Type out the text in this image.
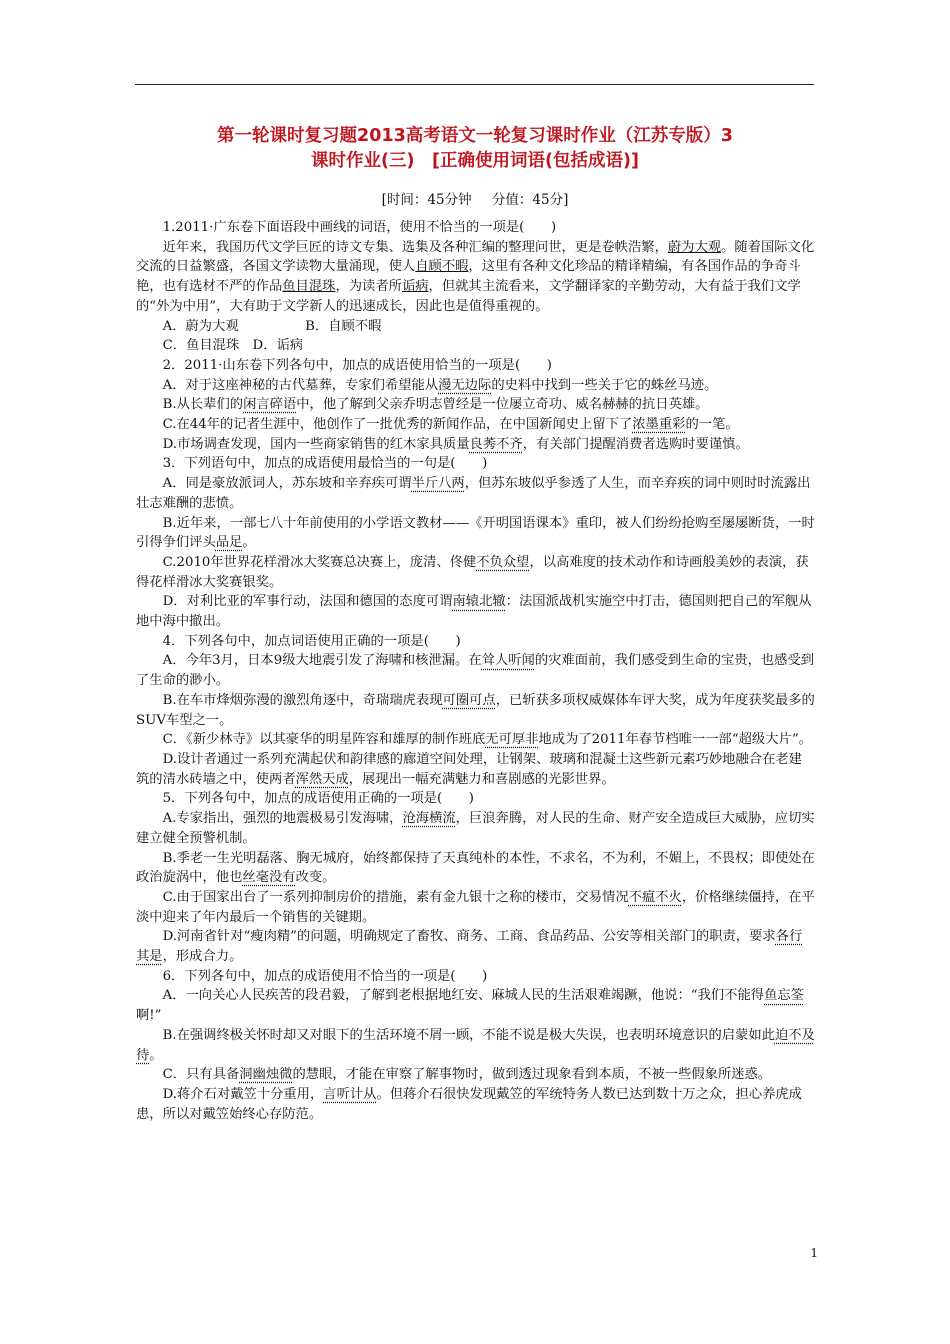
第一轮课时复习题2013高考语文一轮复习课时作业（江苏专版）3
课时作业(三)　[正确使用词语(包括成语)]
[时间：45分钟 分值：45分]

1.2011·广东卷下面语段中画线的词语，使用不恰当的一项是(　　)

近年来，我国历代文学巨匠的诗文专集、选集及各种汇编的整理问世，更是卷帙浩繁，蔚为大观。随着国际文化交流的日益繁盛，各国文学读物大量涌现，使人自顾不暇，这里有各种文化珍品的精译精编，有各国作品的争奇斗艳，也有选材不严的作品鱼目混珠，为读者所诟病，但就其主流看来，文学翻译家的辛勤劳动，大有益于我们文学的“外为中用”，大有助于文学新人的迅速成长，因此也是值得重视的。

A．蔚为大观　　　　　B．自顾不暇

C．鱼目混珠　D．诟病

2．2011·山东卷下列各句中，加点的成语使用恰当的一项是(　　)

A．对于这座神秘的古代墓葬，专家们希望能从漫无边际的史料中找到一些关于它的蛛丝马迹。

B.从长辈们的闲言碎语中，他了解到父亲乔明志曾经是一位屡立奇功、威名赫赫的抗日英雄。

C.在44年的记者生涯中，他创作了一批优秀的新闻作品，在中国新闻史上留下了浓墨重彩的一笔。

D.市场调查发现，国内一些商家销售的红木家具质量良莠不齐，有关部门提醒消费者选购时要谨慎。

3．下列语句中，加点的成语使用最恰当的一句是(　　)

A．同是豪放派词人，苏东坡和辛弃疾可谓半斤八两，但苏东坡似乎参透了人生，而辛弃疾的词中则时时流露出壮志难酬的悲愤。

B.近年来，一部七八十年前使用的小学语文教材——《开明国语课本》重印，被人们纷纷抢购至屡屡断货，一时引得争们评头品足。

C.2010年世界花样滑冰大奖赛总决赛上，庞清、佟健不负众望，以高难度的技术动作和诗画般美妙的表演，获得花样滑冰大奖赛银奖。

D．对利比亚的军事行动，法国和德国的态度可谓南辕北辙：法国派战机实施空中打击，德国则把自己的军舰从地中海中撤出。

4．下列各句中，加点词语使用正确的一项是(　　)

A．今年3月，日本9级大地震引发了海啸和核泄漏。在耸人听闻的灾难面前，我们感受到生命的宝贵，也感受到了生命的渺小。

B.在车市烽烟弥漫的激烈角逐中，奇瑞瑞虎表现可圈可点，已斩获多项权威媒体车评大奖，成为年度获奖最多的SUV车型之一。

C．《新少林寺》以其豪华的明星阵容和雄厚的制作班底无可厚非地成为了2011年春节档唯一一部“超级大片”。

D.设计者通过一系列充满起伏和韵律感的廊道空间处理，让钢架、玻璃和混凝土这些新元素巧妙地融合在老建筑的清水砖墙之中，使两者浑然天成，展现出一幅充满魅力和喜剧感的光影世界。

5．下列各句中，加点的成语使用正确的一项是(　　)

A.专家指出，强烈的地震极易引发海啸，沧海横流，巨浪奔腾，对人民的生命、财产安全造成巨大威胁，应切实建立健全预警机制。

B.季老一生光明磊落、胸无城府，始终都保持了天真纯朴的本性，不求名，不为利，不媚上，不畏权；即使处在政治旋涡中，他也丝毫没有改变。

C.由于国家出台了一系列抑制房价的措施，素有金九银十之称的楼市，交易情况不瘟不火，价格继续僵持，在平淡中迎来了年内最后一个销售的关键期。

D.河南省针对“瘦肉精”的问题，明确规定了畜牧、商务、工商、食品药品、公安等相关部门的职责，要求各行其是，形成合力。

6．下列各句中，加点的成语使用不恰当的一项是(　　)

A．一向关心人民疾苦的段君毅，了解到老根据地红安、麻城人民的生活艰难竭蹶，他说：“我们不能得鱼忘筌啊!”

B.在强调终极关怀时却又对眼下的生活环境不屑一顾，不能不说是极大失误，也表明环境意识的启蒙如此迫不及待。

C．只有具备洞幽烛微的慧眼，才能在审察了解事物时，做到透过现象看到本质，不被一些假象所迷惑。

D.蒋介石对戴笠十分重用，言听计从。但蒋介石很快发现戴笠的军统特务人数已达到数十万之众，担心养虎成患，所以对戴笠始终心存防范。

1
